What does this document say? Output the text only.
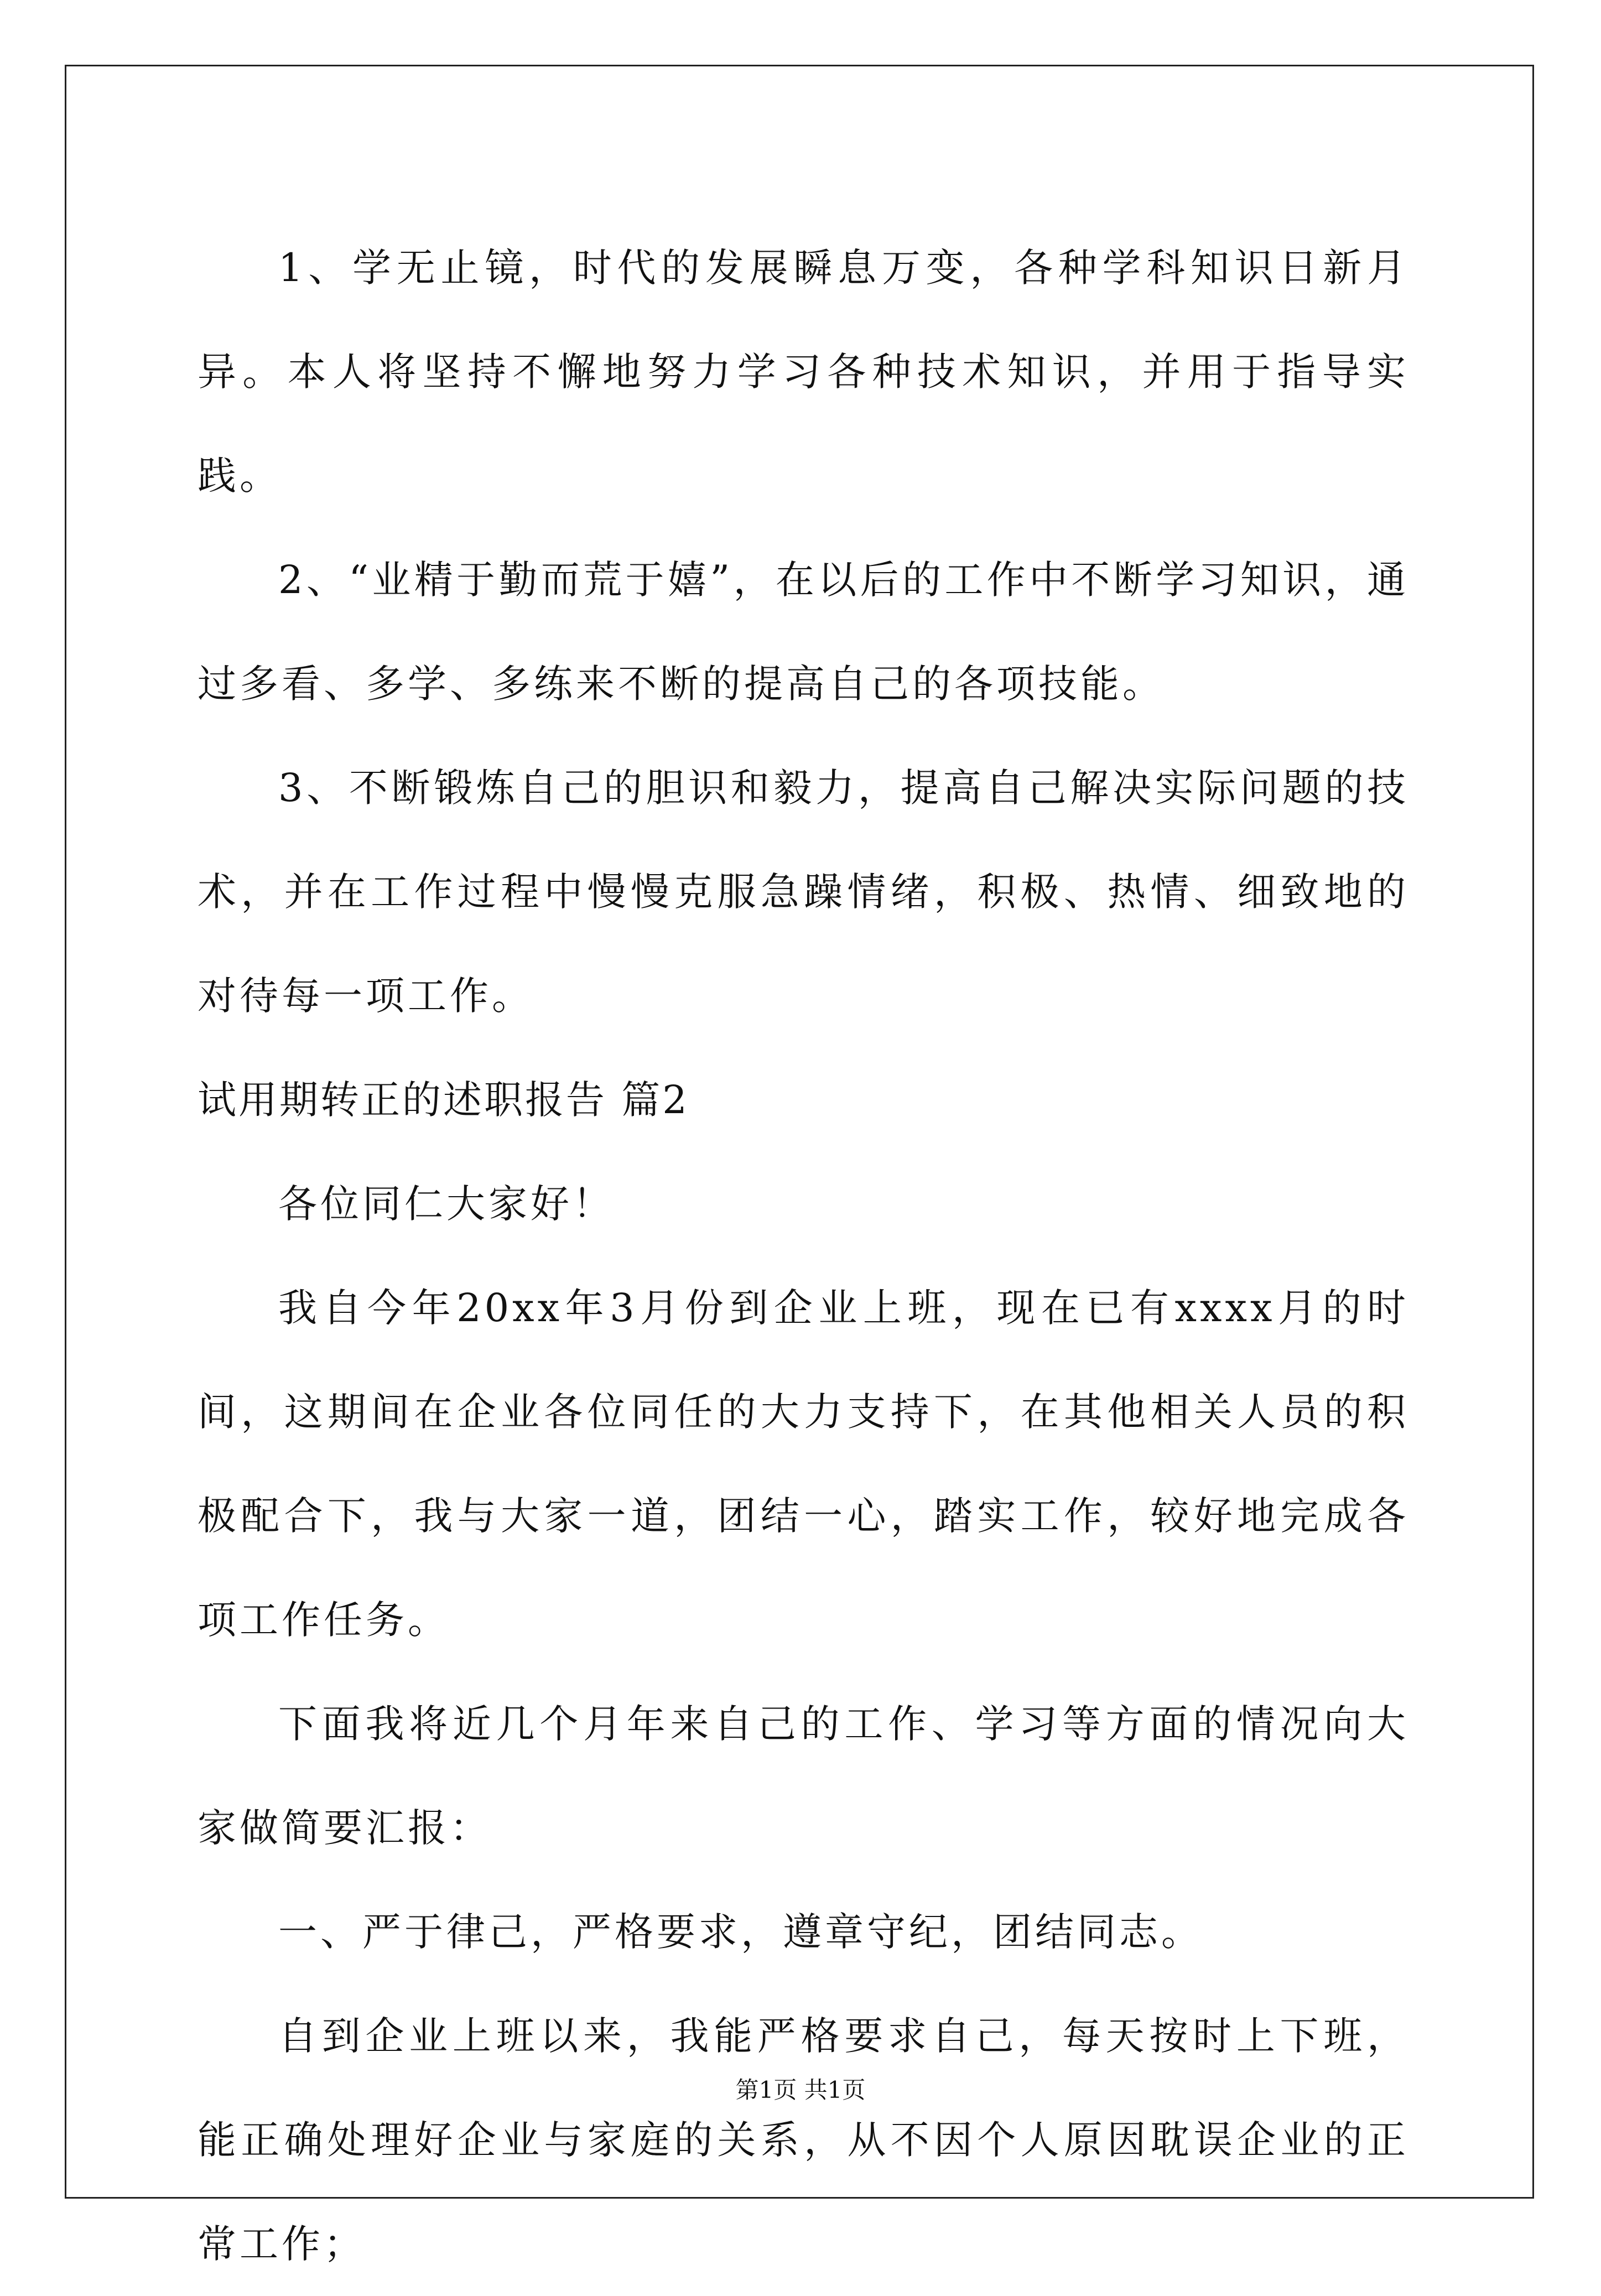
1、学无止镜，时代的发展瞬息万变，各种学科知识日新月异。本人将坚持不懈地努力学习各种技术知识，并用于指导实践。

2、“业精于勤而荒于嬉”，在以后的工作中不断学习知识，通过多看、多学、多练来不断的提高自己的各项技能。

3、不断锻炼自己的胆识和毅力，提高自己解决实际问题的技术，并在工作过程中慢慢克服急躁情绪，积极、热情、细致地的对待每一项工作。

试用期转正的述职报告 篇2

各位同仁大家好！

我自今年20xx年3月份到企业上班，现在已有xxxx月的时间，这期间在企业各位同任的大力支持下，在其他相关人员的积极配合下，我与大家一道，团结一心，踏实工作，较好地完成各项工作任务。

下面我将近几个月年来自己的工作、学习等方面的情况向大家做简要汇报：

一、严于律己，严格要求，遵章守纪，团结同志。

自到企业上班以来，我能严格要求自己，每天按时上下班，能正确处理好企业与家庭的关系，从不因个人原因耽误企业的正常工作；

第1页 共1页
